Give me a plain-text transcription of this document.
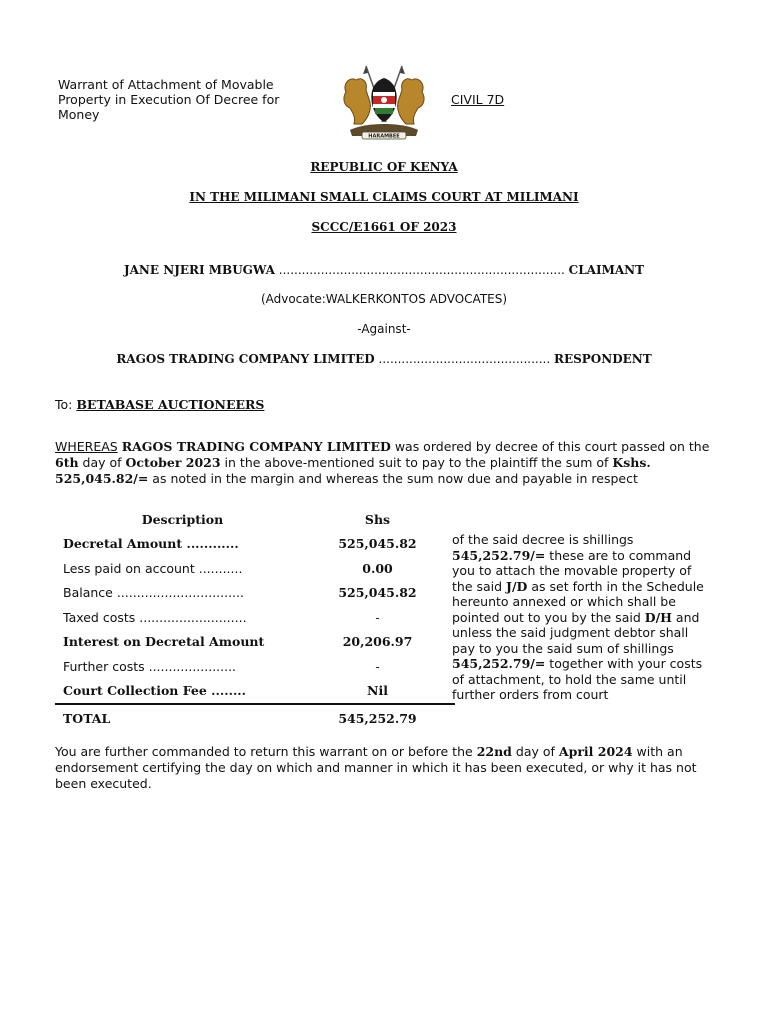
Warrant of Attachment of Movable Property in Execution Of Decree for Money
HARAMBEE
CIVIL 7D
REPUBLIC OF KENYA
IN THE MILIMANI SMALL CLAIMS COURT AT MILIMANI
SCCC/E1661 OF 2023
JANE NJERI MBUGWA ........................................................................... CLAIMANT
(Advocate:WALKERKONTOS ADVOCATES)
-Against-
RAGOS TRADING COMPANY LIMITED ............................................. RESPONDENT
To: BETABASE AUCTIONEERS
WHEREAS RAGOS TRADING COMPANY LIMITED was ordered by decree of this court passed on the 6th day of October 2023 in the above-mentioned suit to pay to the plaintiff the sum of Kshs. 525,045.82/= as noted in the margin and whereas the sum now due and payable in respect
Description	Shs
Decretal Amount ............	525,045.82
Less paid on account ...........	0.00
Balance ................................	525,045.82
Taxed costs ...........................	-
Interest on Decretal Amount	20,206.97
Further costs ......................	-
Court Collection Fee ........	Nil
TOTAL	545,252.79
of the said decree is shillings 545,252.79/= these are to command you to attach the movable property of the said J/D as set forth in the Schedule hereunto annexed or which shall be pointed out to you by the said D/H and unless the said judgment debtor shall pay to you the said sum of shillings 545,252.79/= together with your costs of attachment, to hold the same until further orders from court
You are further commanded to return this warrant on or before the 22nd day of April 2024 with an endorsement certifying the day on which and manner in which it has been executed, or why it has not been executed.
